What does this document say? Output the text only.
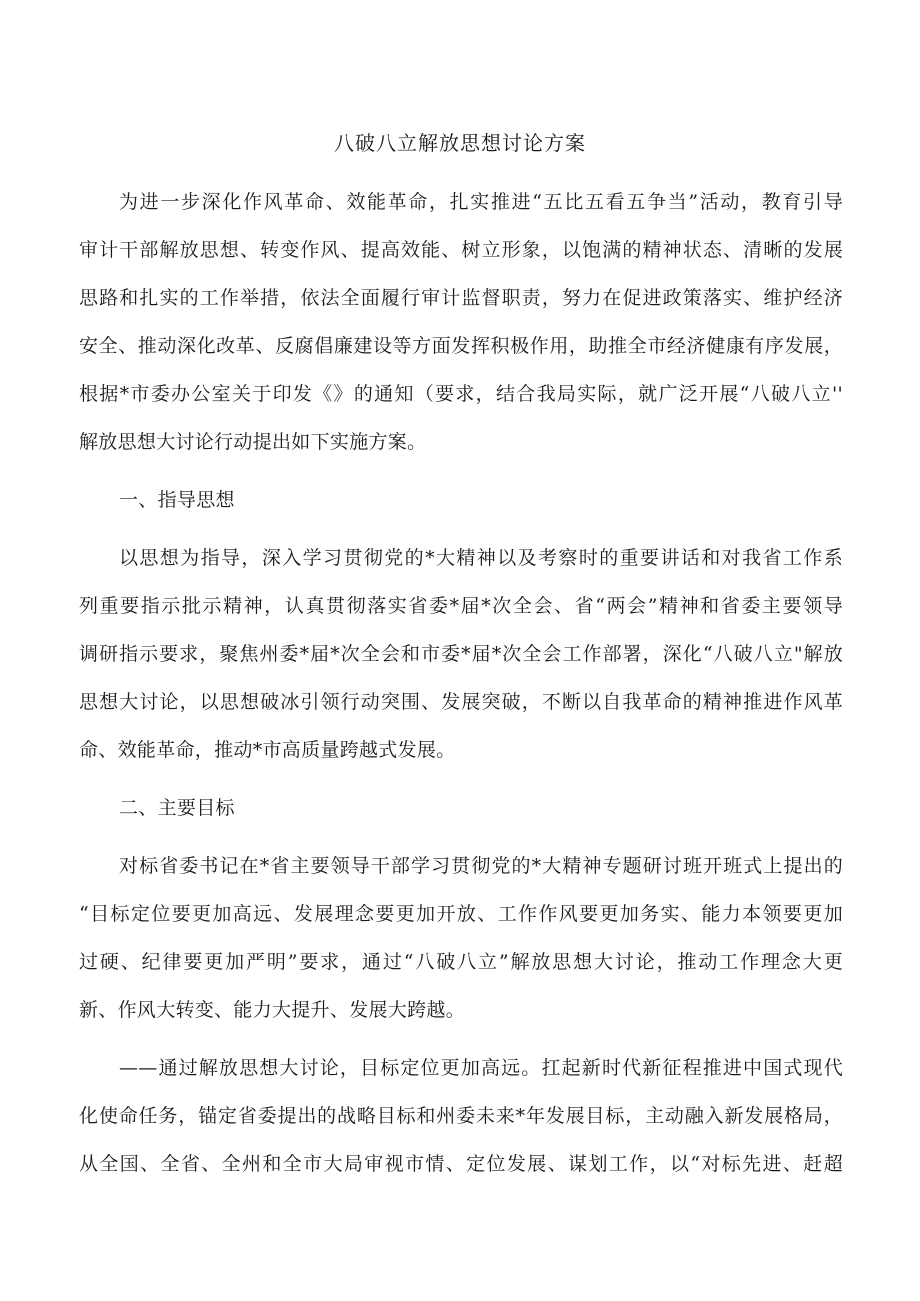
八破八立解放思想讨论方案
为进一步深化作风革命、效能革命，扎实推进“五比五看五争当”活动，教育引导
审计干部解放思想、转变作风、提高效能、树立形象，以饱满的精神状态、清晰的发展
思路和扎实的工作举措，依法全面履行审计监督职责，努力在促进政策落实、维护经济
安全、推动深化改革、反腐倡廉建设等方面发挥积极作用，助推全市经济健康有序发展，
根据*市委办公室关于印发《》的通知（要求，结合我局实际，就广泛开展“八破八立''
解放思想大讨论行动提出如下实施方案。
一、指导思想
以思想为指导，深入学习贯彻党的*大精神以及考察时的重要讲话和对我省工作系
列重要指示批示精神，认真贯彻落实省委*届*次全会、省“两会”精神和省委主要领导
调研指示要求，聚焦州委*届*次全会和市委*届*次全会工作部署，深化“八破八立"解放
思想大讨论，以思想破冰引领行动突围、发展突破，不断以自我革命的精神推进作风革
命、效能革命，推动*市高质量跨越式发展。
二、主要目标
对标省委书记在*省主要领导干部学习贯彻党的*大精神专题研讨班开班式上提出的
“目标定位要更加高远、发展理念要更加开放、工作作风要更加务实、能力本领要更加
过硬、纪律要更加严明”要求，通过“八破八立”解放思想大讨论，推动工作理念大更
新、作风大转变、能力大提升、发展大跨越。
——通过解放思想大讨论，目标定位更加高远。扛起新时代新征程推进中国式现代
化使命任务，锚定省委提出的战略目标和州委未来*年发展目标，主动融入新发展格局，
从全国、全省、全州和全市大局审视市情、定位发展、谋划工作，以“对标先进、赶超
